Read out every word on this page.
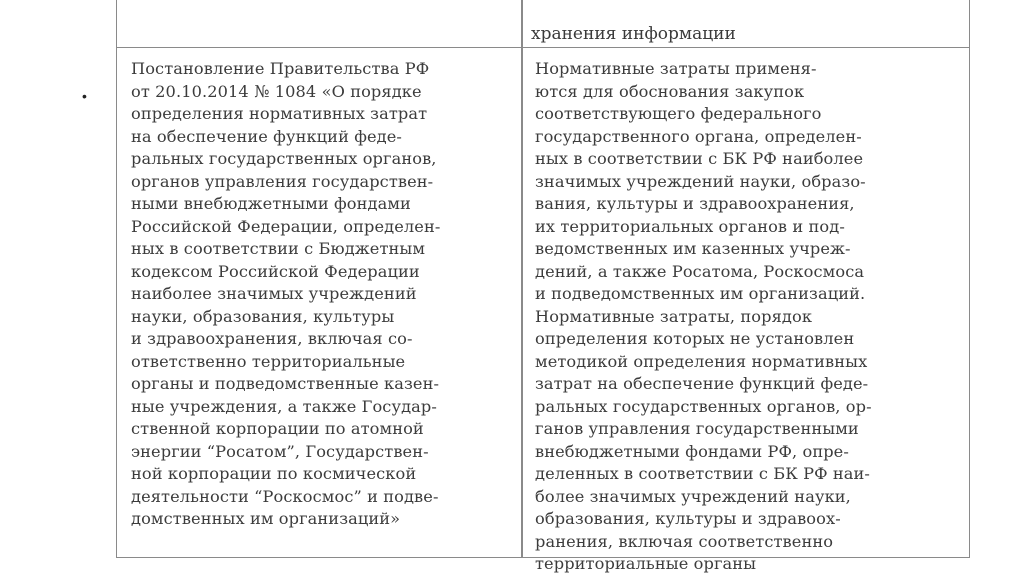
•
хранения информации
Постановление Правительства РФ
от 20.10.2014 № 1084 «О порядке
определения нормативных затрат
на обеспечение функций феде-
ральных государственных органов,
органов управления государствен-
ными внебюджетными фондами
Российской Федерации, определен-
ных в соответствии с Бюджетным
кодексом Российской Федерации
наиболее значимых учреждений
науки, образования, культуры
и здравоохранения, включая со-
ответственно территориальные
органы и подведомственные казен-
ные учреждения, а также Государ-
ственной корпорации по атомной
энергии “Росатом”, Государствен-
ной корпорации по космической
деятельности “Роскосмос” и подве-
домственных им организаций»
Нормативные затраты применя-
ются для обоснования закупок
соответствующего федерального
государственного органа, определен-
ных в соответствии с БК РФ наиболее
значимых учреждений науки, образо-
вания, культуры и здравоохранения,
их территориальных органов и под-
ведомственных им казенных учреж-
дений, а также Росатома, Роскосмоса
и подведомственных им организаций.
Нормативные затраты, порядок
определения которых не установлен
методикой определения нормативных
затрат на обеспечение функций феде-
ральных государственных органов, ор-
ганов управления государственными
внебюджетными фондами РФ, опре-
деленных в соответствии с БК РФ наи-
более значимых учреждений науки,
образования, культуры и здравоох-
ранения, включая соответственно
территориальные органы
